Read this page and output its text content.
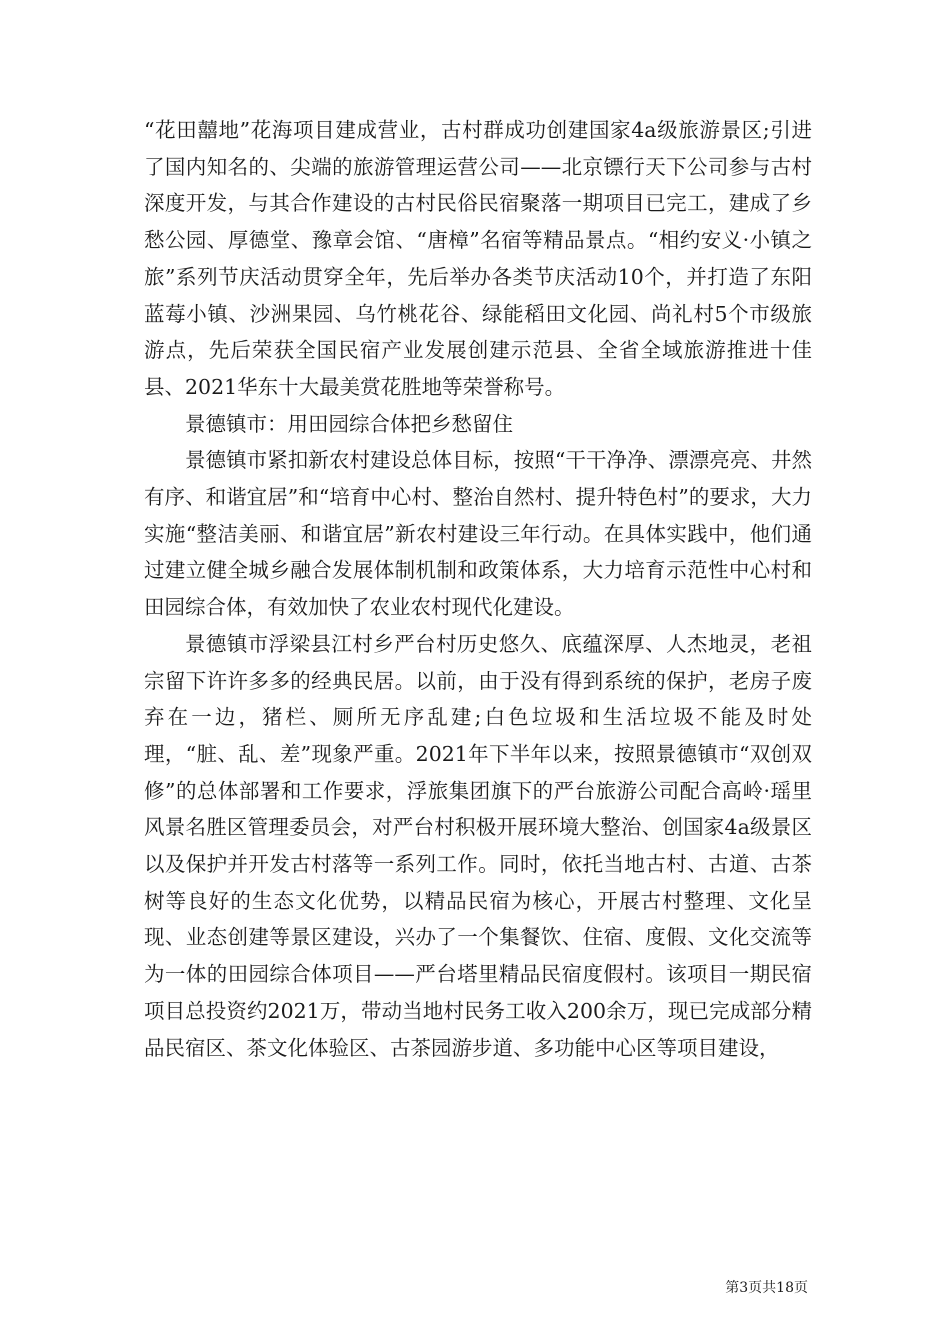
“花田囍地”花海项目建成营业，古村群成功创建国家4a级旅游景区;引进了国内知名的、尖端的旅游管理运营公司——北京镖行天下公司参与古村深度开发，与其合作建设的古村民俗民宿聚落一期项目已完工，建成了乡愁公园、厚德堂、豫章会馆、“唐樟”名宿等精品景点。“相约安义·小镇之旅”系列节庆活动贯穿全年，先后举办各类节庆活动10个，并打造了东阳蓝莓小镇、沙洲果园、乌竹桃花谷、绿能稻田文化园、尚礼村5个市级旅游点，先后荣获全国民宿产业发展创建示范县、全省全域旅游推进十佳县、2021华东十大最美赏花胜地等荣誉称号。

景德镇市：用田园综合体把乡愁留住

景德镇市紧扣新农村建设总体目标，按照“干干净净、漂漂亮亮、井然有序、和谐宜居”和“培育中心村、整治自然村、提升特色村”的要求，大力实施“整洁美丽、和谐宜居”新农村建设三年行动。在具体实践中，他们通过建立健全城乡融合发展体制机制和政策体系，大力培育示范性中心村和田园综合体，有效加快了农业农村现代化建设。

景德镇市浮梁县江村乡严台村历史悠久、底蕴深厚、人杰地灵，老祖宗留下许许多多的经典民居。以前，由于没有得到系统的保护，老房子废弃在一边，猪栏、厕所无序乱建;白色垃圾和生活垃圾不能及时处理，“脏、乱、差”现象严重。2021年下半年以来，按照景德镇市“双创双修”的总体部署和工作要求，浮旅集团旗下的严台旅游公司配合高岭·瑶里风景名胜区管理委员会，对严台村积极开展环境大整治、创国家4a级景区以及保护并开发古村落等一系列工作。同时，依托当地古村、古道、古茶树等良好的生态文化优势，以精品民宿为核心，开展古村整理、文化呈现、业态创建等景区建设，兴办了一个集餐饮、住宿、度假、文化交流等为一体的田园综合体项目——严台塔里精品民宿度假村。该项目一期民宿项目总投资约2021万，带动当地村民务工收入200余万，现已完成部分精品民宿区、茶文化体验区、古茶园游步道、多功能中心区等项目建设，

第3页共18页
